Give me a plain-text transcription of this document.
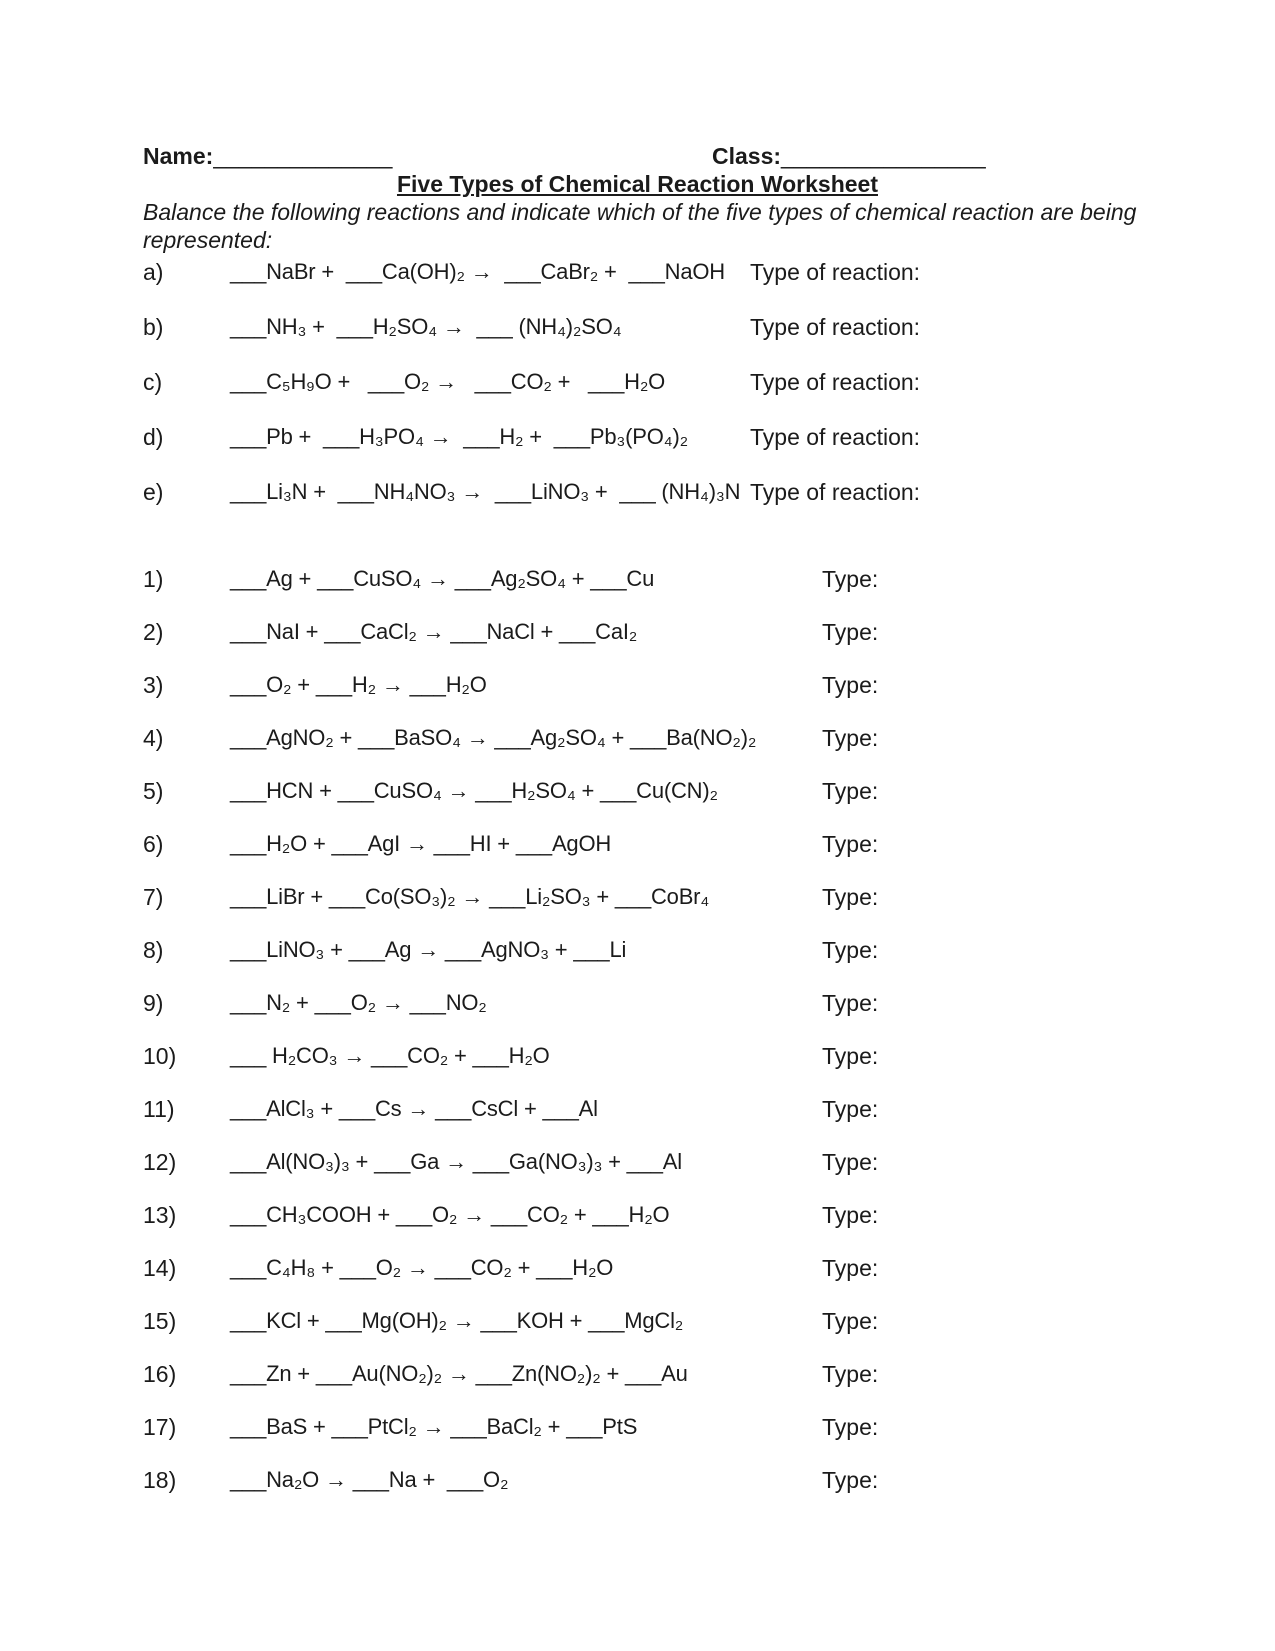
Name:______________	Class:________________
Five Types of Chemical Reaction Worksheet
Balance the following reactions and indicate which of the five types of chemical reaction are being
represented:
a)	___NaBr +  ___Ca(OH)₂ →  ___CaBr₂ +  ___NaOH	Type of reaction:
b)	___NH₃ +  ___H₂SO₄ →  ___ (NH₄)₂SO₄	Type of reaction:
c)	___C₅H₉O +   ___O₂ →   ___CO₂ +   ___H₂O	Type of reaction:
d)	___Pb +  ___H₃PO₄ →  ___H₂ +  ___Pb₃(PO₄)₂	Type of reaction:
e)	___Li₃N +  ___NH₄NO₃ →  ___LiNO₃ +  ___ (NH₄)₃N Type of reaction:
1)	___Ag + ___CuSO₄ → ___Ag₂SO₄ + ___Cu	Type:
2)	___NaI + ___CaCl₂ → ___NaCl + ___CaI₂	Type:
3)	___O₂ + ___H₂ → ___H₂O	Type:
4)	___AgNO₂ + ___BaSO₄ → ___Ag₂SO₄ + ___Ba(NO₂)₂	Type:
5)	___HCN + ___CuSO₄ → ___H₂SO₄ + ___Cu(CN)₂	Type:
6)	___H₂O + ___AgI → ___HI + ___AgOH	Type:
7)	___LiBr + ___Co(SO₃)₂ → ___Li₂SO₃ + ___CoBr₄	Type:
8)	___LiNO₃ + ___Ag → ___AgNO₃ + ___Li	Type:
9)	___N₂ + ___O₂ → ___NO₂	Type:
10)	___ H₂CO₃ → ___CO₂ + ___H₂O	Type:
11)	___AlCl₃ + ___Cs → ___CsCl + ___Al	Type:
12)	___Al(NO₃)₃ + ___Ga → ___Ga(NO₃)₃ + ___Al	Type:
13)	___CH₃COOH + ___O₂ → ___CO₂ + ___H₂O	Type:
14)	___C₄H₈ + ___O₂ → ___CO₂ + ___H₂O	Type:
15)	___KCl + ___Mg(OH)₂ → ___KOH + ___MgCl₂	Type:
16)	___Zn + ___Au(NO₂)₂ → ___Zn(NO₂)₂ + ___Au	Type:
17)	___BaS + ___PtCl₂ → ___BaCl₂ + ___PtS	Type:
18)	___Na₂O → ___Na +  ___O₂	Type:
